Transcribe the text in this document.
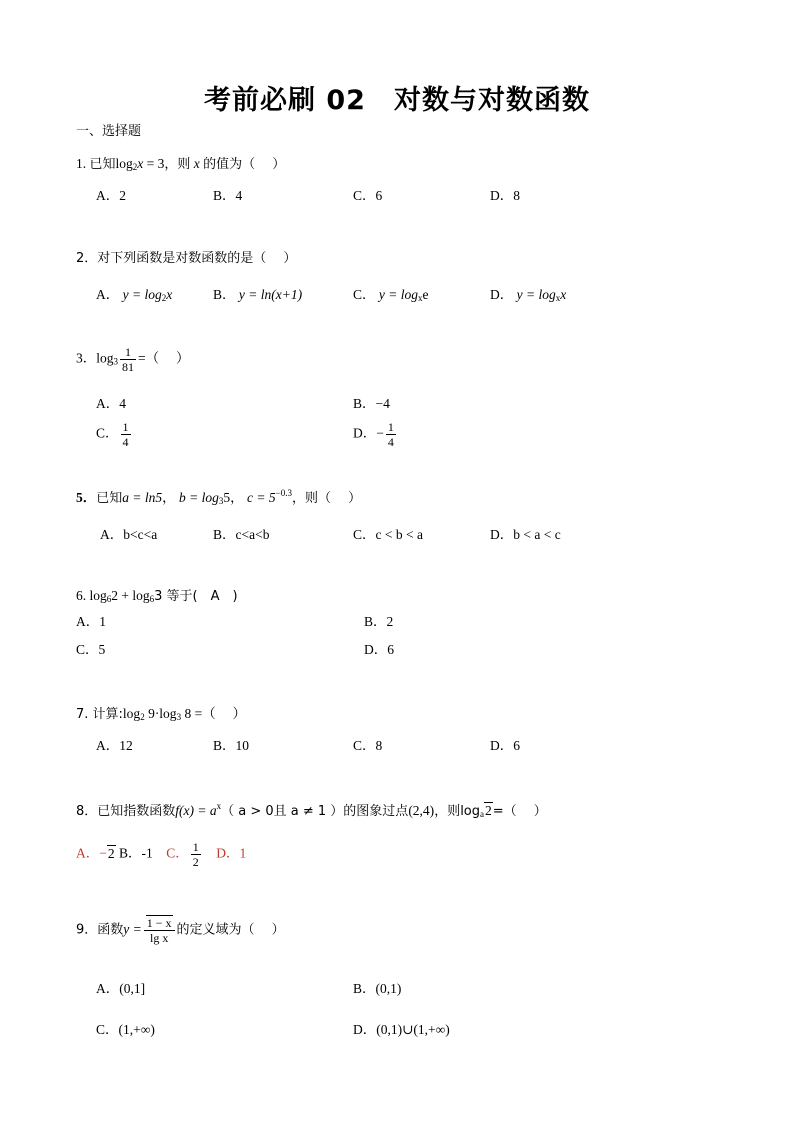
考前必刷 02　对数与对数函数
一、选择题
1. 已知$\log_2x = 3$，则 x 的值为（　 ）
A．2	B．4	C．6	D．8
2．对下列函数是对数函数的是（　 ）
A． $y = \log_2x$	B． y = ln(x+1)	C． $y = \log_xe$	D． $y = \log_xx$
3．$\log_3 \frac{1}{81}$ =（　 ）
A．4	B．−4
C． $\frac{1}{4}$	D．− $\frac{1}{4}$
5．已知a = ln5， $b = \log_35$， $c = 5^{-0.3}$，则（　 ）
A．b<c<a	B．c<a<b	C．c < b < a	D．b < a < c
6. $\log_62 + \log_63$ 等于(　A　)
A．1	B．2
C．5	D．6
7. 计算$:\log_2$ $9\cdot\log_3$ 8 =（　 ）
A．12	B．10	C．8	D．6
8．已知指数函数$f(x) = a^x$（ a > 0且 a ≠ 1 ）的图象过点(2,4)，则$\log_a2=$（　 ）
A．−2 B．-1 C． $\frac{1}{2}$ D．1
9．函数$y = \frac{1 - x}{\text{lg x}}$ 的定义域为（　 ）
A．(0,1]	B．(0,1)
C．(1,+∞)	D．(0,1)∪(1,+∞)
